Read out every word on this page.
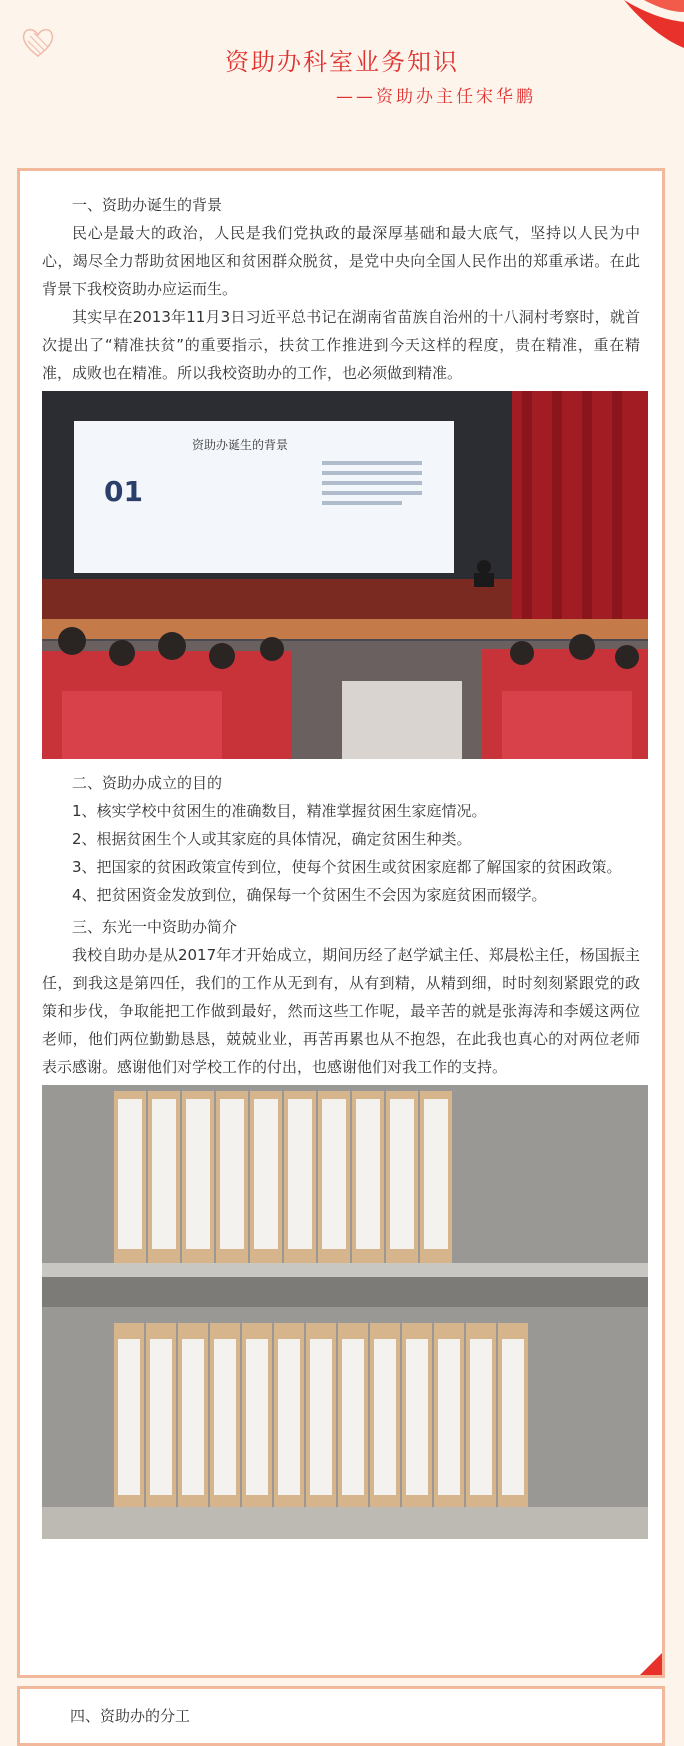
资助办科室业务知识
——资助办主任宋华鹏

一、资助办诞生的背景

民心是最大的政治，人民是我们党执政的最深厚基础和最大底气，坚持以人民为中心，竭尽全力帮助贫困地区和贫困群众脱贫，是党中央向全国人民作出的郑重承诺。在此背景下我校资助办应运而生。

其实早在2013年11月3日习近平总书记在湖南省苗族自治州的十八洞村考察时，就首次提出了“精准扶贫”的重要指示，扶贫工作推进到今天这样的程度，贵在精准，重在精准，成败也在精准。所以我校资助办的工作，也必须做到精准。

资助办诞生的背景
01

二、资助办成立的目的

1、核实学校中贫困生的准确数目，精准掌握贫困生家庭情况。

2、根据贫困生个人或其家庭的具体情况，确定贫困生种类。

3、把国家的贫困政策宣传到位，使每个贫困生或贫困家庭都了解国家的贫困政策。

4、把贫困资金发放到位，确保每一个贫困生不会因为家庭贫困而辍学。

三、东光一中资助办简介

我校自助办是从2017年才开始成立，期间历经了赵学斌主任、郑晨松主任，杨国振主任，到我这是第四任，我们的工作从无到有，从有到精，从精到细，时时刻刻紧跟党的政策和步伐，争取能把工作做到最好，然而这些工作呢，最辛苦的就是张海涛和李媛这两位老师，他们两位勤勤恳恳，兢兢业业，再苦再累也从不抱怨，在此我也真心的对两位老师表示感谢。感谢他们对学校工作的付出，也感谢他们对我工作的支持。

四、资助办的分工
